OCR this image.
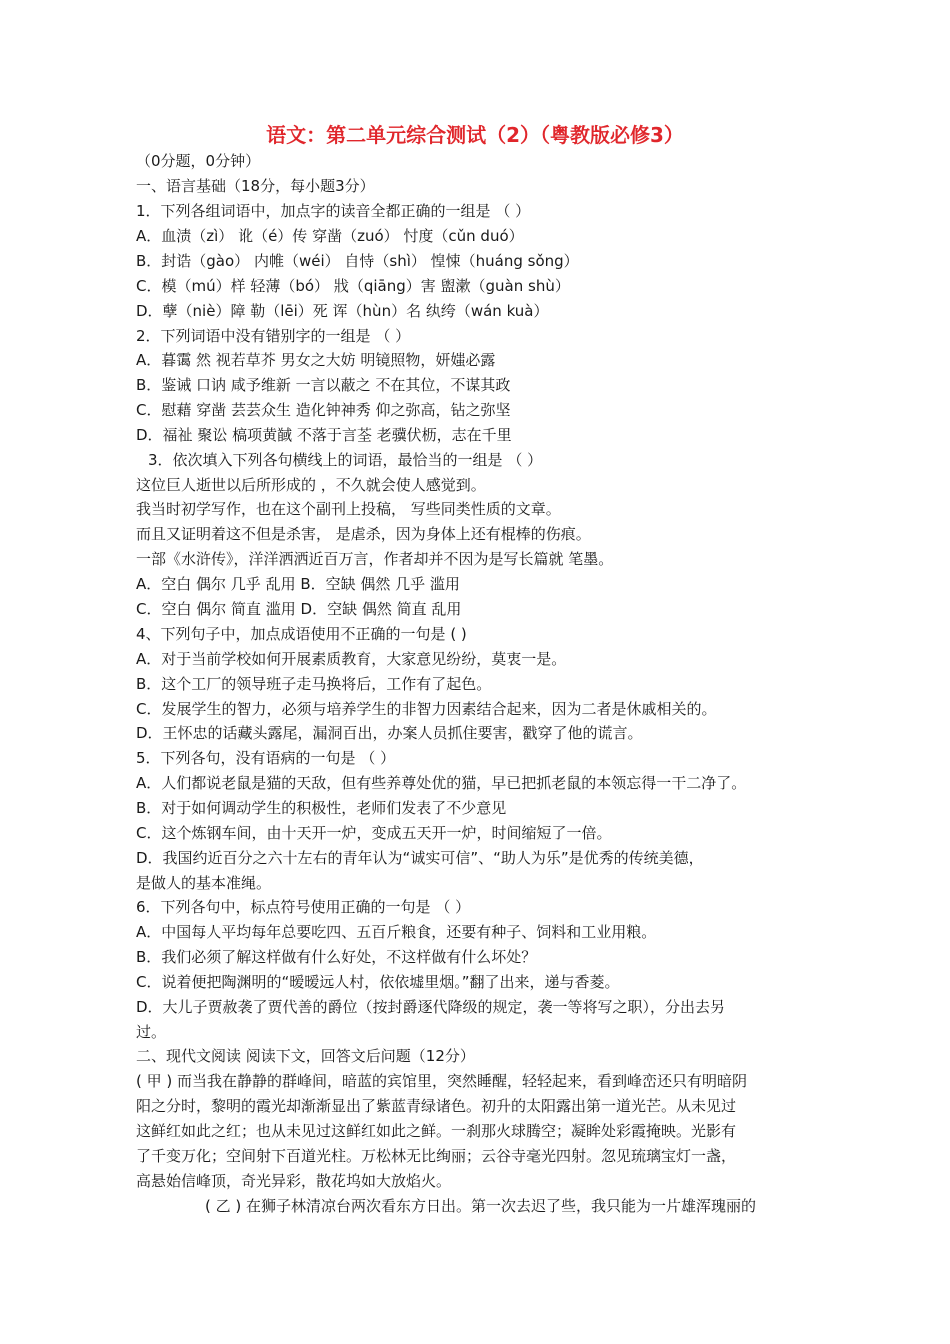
语文：第二单元综合测试（2）（粤教版必修3）
（0分题，0分钟）
一、语言基础（18分，每小题3分）
1．下列各组词语中，加点字的读音全都正确的一组是 （ ）
A．血渍（zì） 讹（é）传 穿凿（zuó） 忖度（cǔn duó）
B．封诰（gào） 内帷（wéi） 自恃（shì） 惶悚（huáng sǒng）
C．模（mú）样 轻薄（bó） 戕（qiāng）害 盥漱（guàn shù）
D．孽（niè）障 勒（lēi）死 诨（hùn）名 纨绔（wán kuà）
2．下列词语中没有错别字的一组是 （ ）
A．暮霭 然 视若草芥 男女之大妨 明镜照物，妍媸必露
B．鉴诫 口讷 咸予维新 一言以蔽之 不在其位，不谋其政
C．慰藉 穿凿 芸芸众生 造化钟神秀 仰之弥高，钻之弥坚
D．福祉 聚讼 槁项黄馘 不落于言荃 老骥伏枥，志在千里
3．依次填入下列各句横线上的词语，最恰当的一组是 （ ）
这位巨人逝世以后所形成的 ，不久就会使人感觉到。
我当时初学写作，也在这个副刊上投稿， 写些同类性质的文章。
而且又证明着这不但是杀害， 是虐杀，因为身体上还有棍棒的伤痕。
一部《水浒传》，洋洋洒洒近百万言，作者却并不因为是写长篇就 笔墨。
A．空白 偶尔 几乎 乱用 B．空缺 偶然 几乎 滥用
C．空白 偶尔 简直 滥用 D．空缺 偶然 简直 乱用
4、下列句子中，加点成语使用不正确的一句是 ( )
A．对于当前学校如何开展素质教育，大家意见纷纷，莫衷一是。
B．这个工厂的领导班子走马换将后，工作有了起色。
C．发展学生的智力，必须与培养学生的非智力因素结合起来，因为二者是休戚相关的。
D．王怀忠的话藏头露尾，漏洞百出，办案人员抓住要害，戳穿了他的谎言。
5．下列各句，没有语病的一句是 （ ）
A．人们都说老鼠是猫的天敌，但有些养尊处优的猫，早已把抓老鼠的本领忘得一干二净了。
B．对于如何调动学生的积极性，老师们发表了不少意见
C．这个炼钢车间，由十天开一炉，变成五天开一炉，时间缩短了一倍。
D．我国约近百分之六十左右的青年认为“诚实可信”、“助人为乐”是优秀的传统美德，
是做人的基本准绳。
6．下列各句中，标点符号使用正确的一句是 （ ）
A．中国每人平均每年总要吃四、五百斤粮食，还要有种子、饲料和工业用粮。
B．我们必须了解这样做有什么好处，不这样做有什么坏处？
C．说着便把陶渊明的“暧暧远人村，依依墟里烟。”翻了出来，递与香菱。
D．大儿子贾赦袭了贾代善的爵位（按封爵逐代降级的规定，袭一等将写之职），分出去另
过。
二、现代文阅读 阅读下文，回答文后问题（12分）
( 甲 ) 而当我在静静的群峰间，暗蓝的宾馆里，突然睡醒，轻轻起来，看到峰峦还只有明暗阴
阳之分时，黎明的霞光却渐渐显出了紫蓝青绿诸色。初升的太阳露出第一道光芒。从未见过
这鲜红如此之红；也从未见过这鲜红如此之鲜。一刹那火球腾空；凝眸处彩霞掩映。光影有
了千变万化；空间射下百道光柱。万松林无比绚丽；云谷寺毫光四射。忽见琉璃宝灯一盏，
高悬始信峰顶，奇光异彩，散花坞如大放焰火。
( 乙 ) 在狮子林清凉台两次看东方日出。第一次去迟了些，我只能为一片雄浑瑰丽的
